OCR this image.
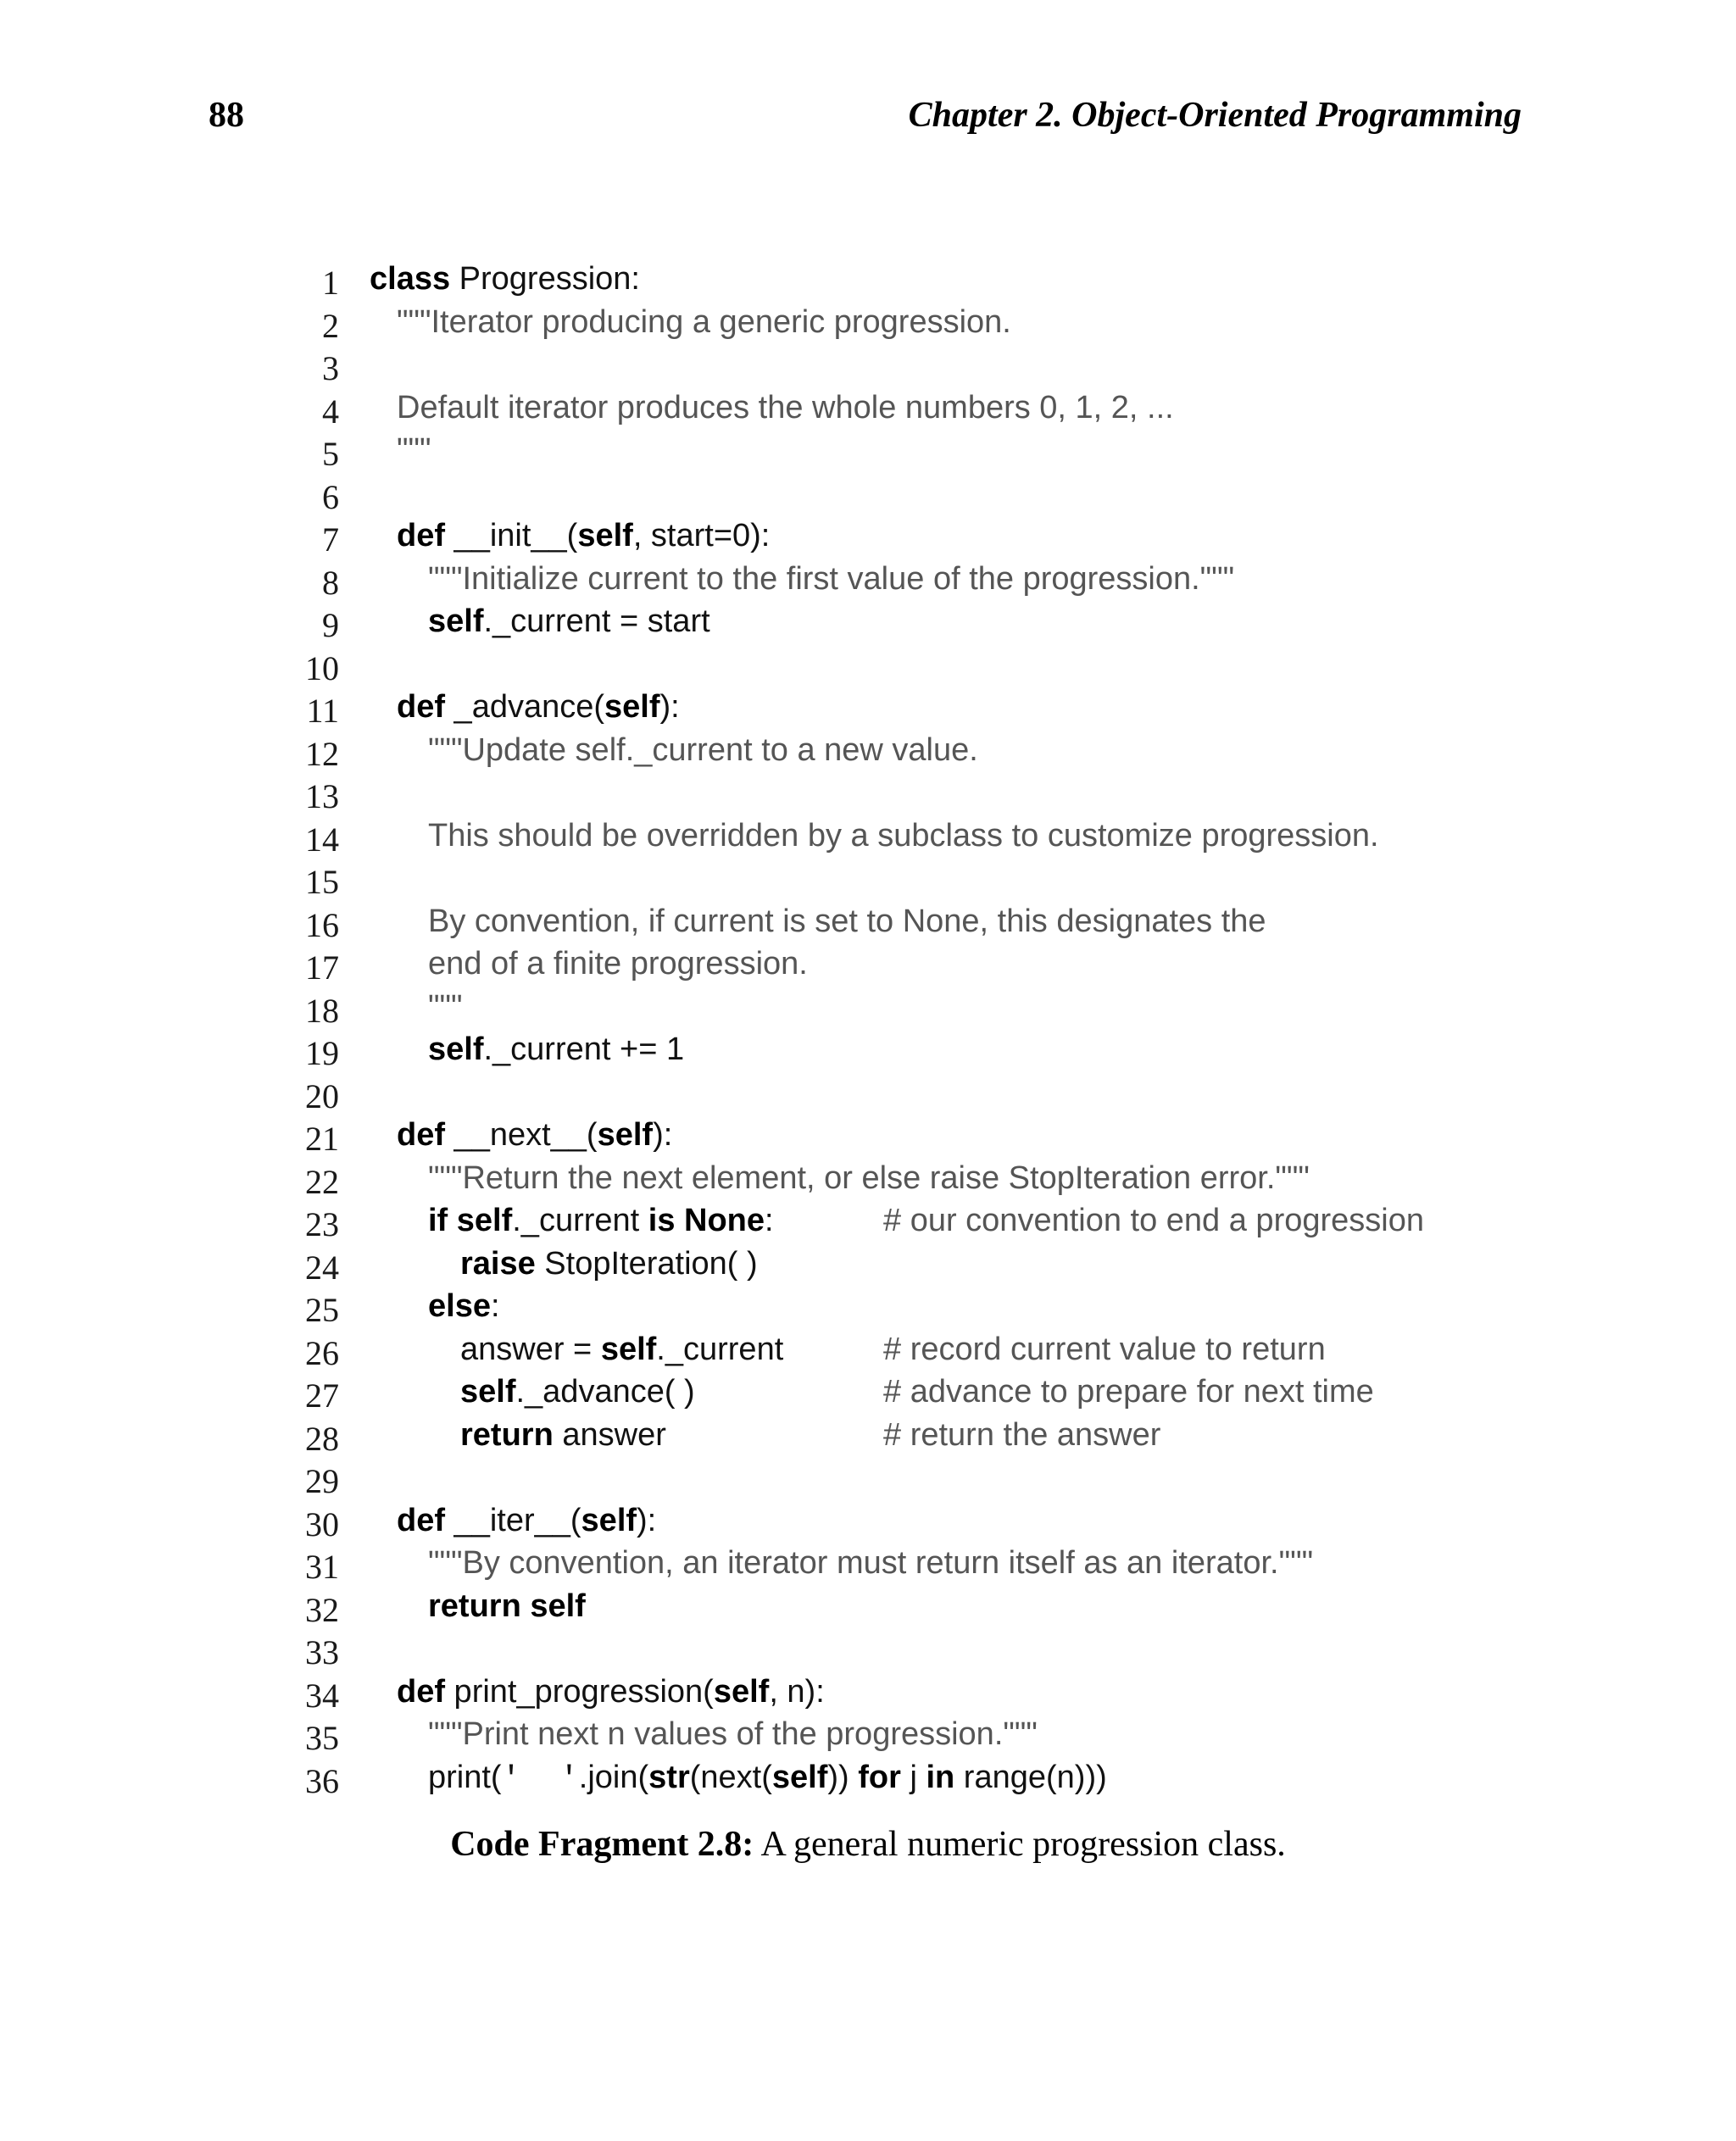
88	Chapter 2. Object-Oriented Programming
1 class Progression:
2 """Iterator producing a generic progression.
3
4 Default iterator produces the whole numbers 0, 1, 2, ...
5 """
6
7 def __init__(self, start=0):
8	"""Initialize current to the first value of the progression."""
9	self._current = start
10
11 def _advance(self):
12	"""Update self._current to a new value.
13
14	This should be overridden by a subclass to customize progression.
15
16	By convention, if current is set to None, this designates the
17	end of a finite progression.
18	"""
19	self._current += 1
20
21 def __next__(self):
22	"""Return the next element, or else raise StopIteration error."""
23	if self._current is None:	# our convention to end a progression
24	raise StopIteration( )
25	else:
26	answer = self._current	# record current value to return
27	self._advance( )	# advance to prepare for next time
28	return answer	# return the answer
29
30 def __iter__(self):
31	"""By convention, an iterator must return itself as an iterator."""
32	return self
33
34 def print_progression(self, n):
35	"""Print next n values of the progression."""
36	print('  '.join(str(next(self)) for j in range(n)))
Code Fragment 2.8: A general numeric progression class.
